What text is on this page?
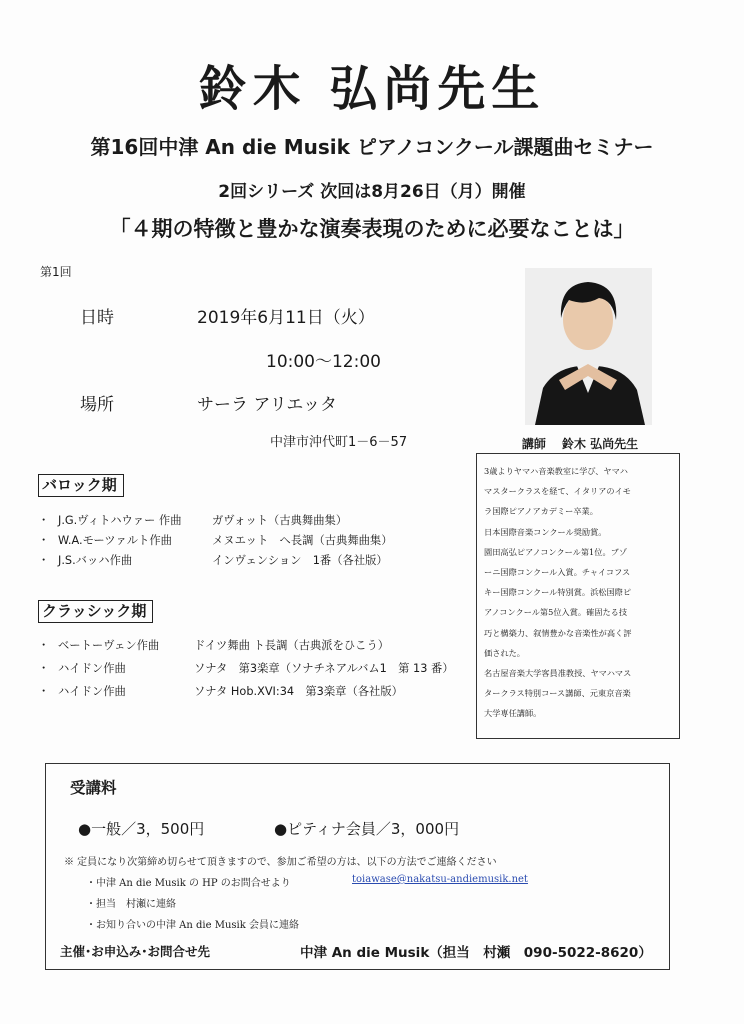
鈴木 弘尚先生
第16回中津 An die Musik ピアノコンクール課題曲セミナー
2回シリーズ 次回は8月26日（月）開催
「４期の特徴と豊かな演奏表現のために必要なことは」
第1回
日時	2019年6月11日（火）
10:00～12:00
場所	サーラ アリエッタ
中津市沖代町1－6－57	講師　 鈴木 弘尚先生
3歳よりヤマハ音楽教室に学び、ヤマハ
マスタークラスを経て、イタリアのイモ
ラ国際ピアノアカデミー卒業。
日本国際音楽コンクール奨励賞。
園田高弘ピアノコンクール第1位。ブゾ
ーニ国際コンクール入賞。チャイコフス
キー国際コンクール特別賞。浜松国際ピ
アノコンクール第5位入賞。確固たる技
巧と構築力、叙情豊かな音楽性が高く評
価された。
名古屋音楽大学客員准教授、ヤマハマス
タークラス特別コース講師、元東京音楽
大学専任講師。
バロック期
・ J.G.ヴィトハウァー 作曲	ガヴォット（古典舞曲集）
・ W.A.モーツァルト作曲	メヌエット　へ長調（古典舞曲集）
・ J.S.バッハ作曲	インヴェンション　1番（各社版）
クラッシック期
・ ベートーヴェン作曲	ドイツ舞曲 ト長調（古典派をひこう）
・ ハイドン作曲	ソナタ　第3楽章（ソナチネアルバム1　第 13 番）
・ ハイドン作曲	ソナタ Hob.XVⅠ:34　第3楽章（各社版）
受講料
●一般／3，500円	●ピティナ会員／3，000円
※ 定員になり次第締め切らせて頂きますので、参加ご希望の方は、以下の方法でご連絡ください
・中津 An die Musik の HP のお問合せより	toiawase@nakatsu-andiemusik.net
・担当　村瀬に連絡
・お知り合いの中津 An die Musik 会員に連絡
主催･お申込み･お問合せ先	中津 An die Musik（担当　村瀬　090-5022-8620）
